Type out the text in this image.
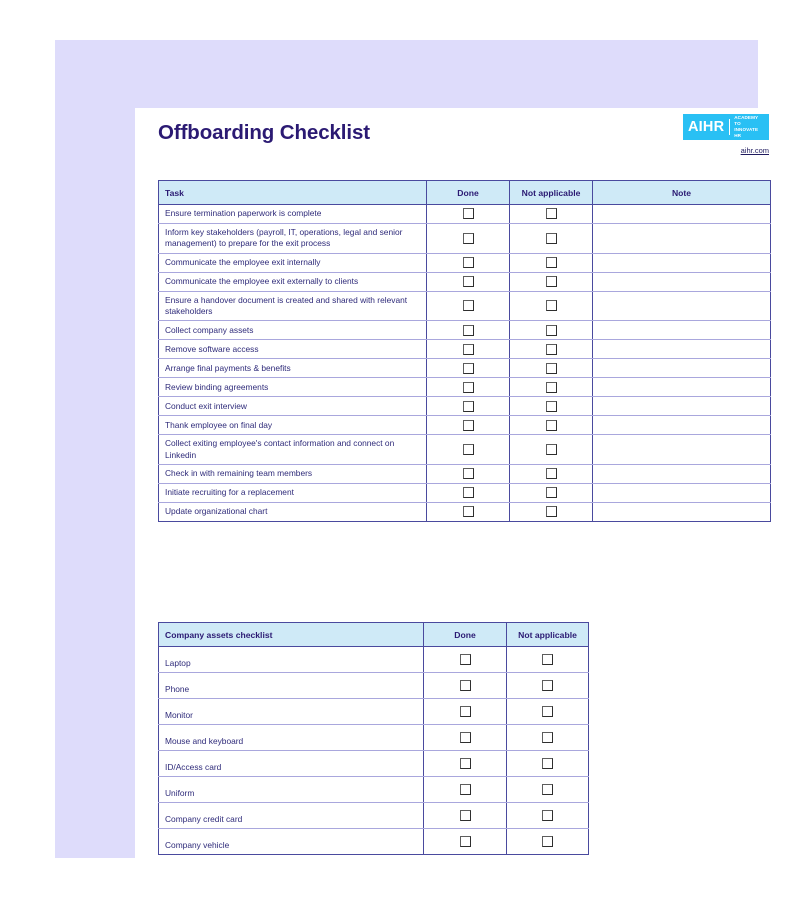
Offboarding Checklist	AIHR
ACADEMY TO
INNOVATE HR
aihr.com
Task	Done	Not applicable	Note
Ensure termination paperwork is complete			
Inform key stakeholders (payroll, IT, operations, legal and senior management) to prepare for the exit process			
Communicate the employee exit internally			
Communicate the employee exit externally to clients			
Ensure a handover document is created and shared with relevant stakeholders			
Collect company assets			
Remove software access			
Arrange final payments & benefits			
Review binding agreements			
Conduct exit interview			
Thank employee on final day			
Collect exiting employee's contact information and connect on Linkedin			
Check in with remaining team members			
Initiate recruiting for a replacement			
Update organizational chart			
Company assets checklist	Done	Not applicable
Laptop		
Phone		
Monitor		
Mouse and keyboard		
ID/Access card		
Uniform		
Company credit card		
Company vehicle		
